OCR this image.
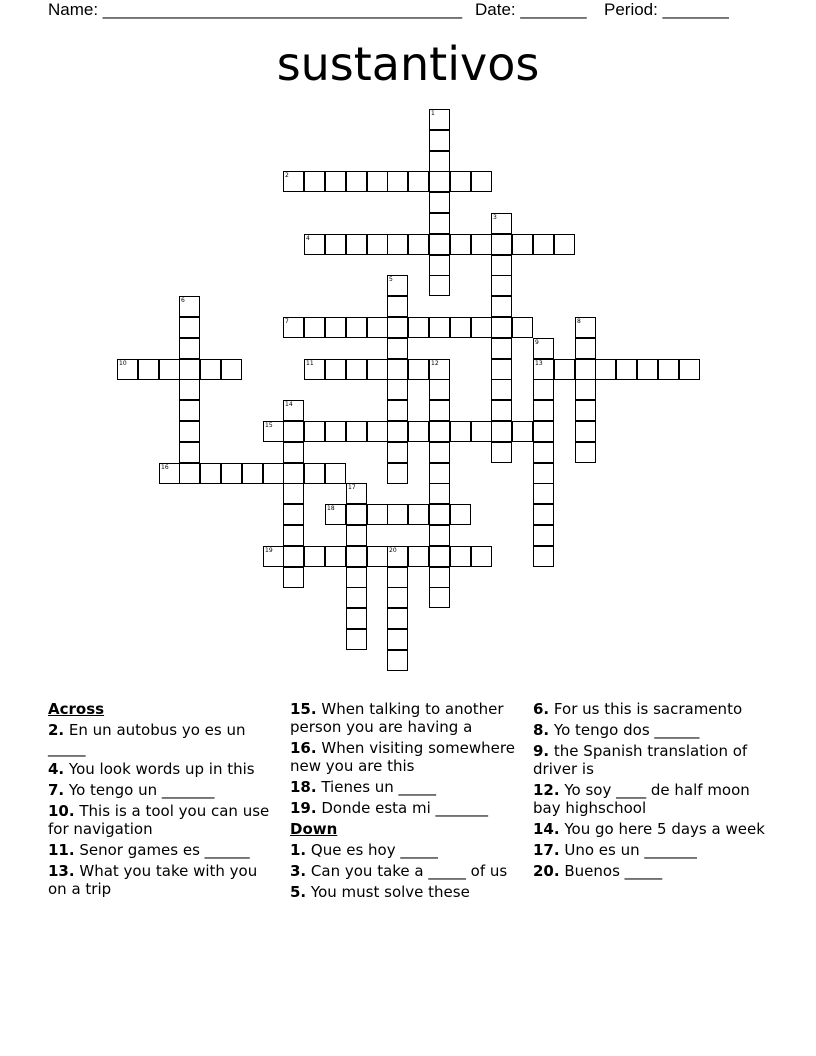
Name: ______________________________________ Date: _______ Period: _______
sustantivos
1
2
3
4
5
6
7	8
9
13
10	11	12
14
15
16
17
18
19	20
Across
2. En un autobus yo es un _____
4. You look words up in this
7. Yo tengo un _______
10. This is a tool you can use for navigation
11. Senor games es ______
13. What you take with you on a trip
15. When talking to another person you are having a
16. When visiting somewhere new you are this
18. Tienes un _____
19. Donde esta mi _______
Down
1. Que es hoy _____
3. Can you take a _____ of us
5. You must solve these
6. For us this is sacramento
8. Yo tengo dos ______
9. the Spanish translation of driver is
12. Yo soy ____ de half moon bay highschool
14. You go here 5 days a week
17. Uno es un _______
20. Buenos _____
